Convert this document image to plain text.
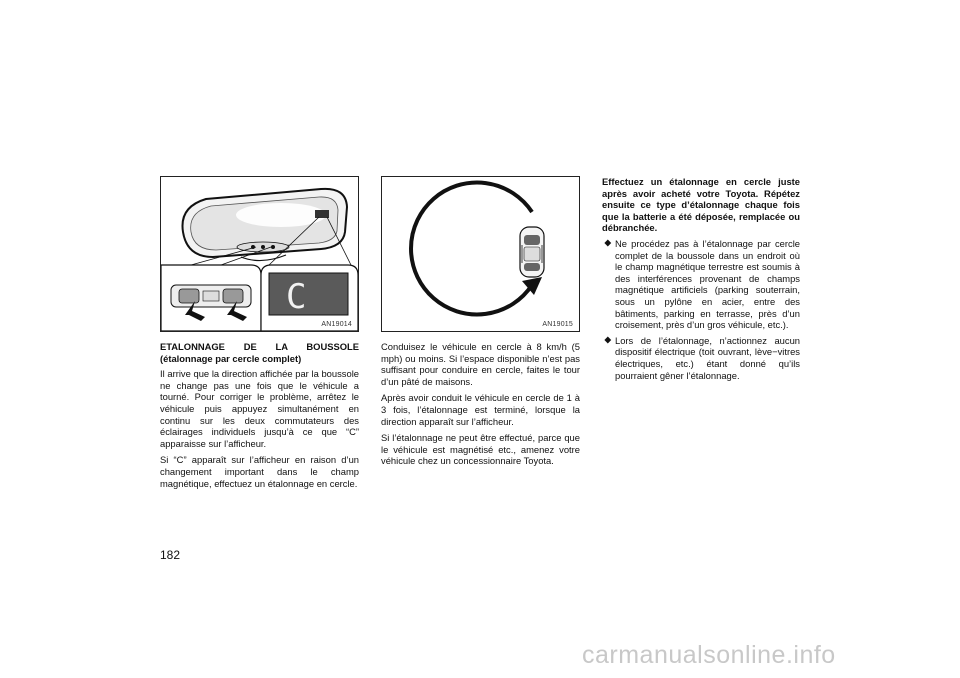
C
AN19014	AN19015
ETALONNAGE DE LA BOUSSOLE
(étalonnage par cercle complet)

Il arrive que la direction affichée par la boussole ne change pas une fois que le véhicule a tourné. Pour corriger le problème, arrêtez le véhicule puis appuyez simultanément en continu sur les deux commutateurs des éclairages individuels jusqu’à ce que “C” apparaisse sur l’afficheur.

Si “C” apparaît sur l’afficheur en raison d’un changement important dans le champ magnétique, effectuez un étalonnage en cercle.

Conduisez le véhicule en cercle à 8 km/h (5 mph) ou moins. Si l’espace disponible n’est pas suffisant pour conduire en cercle, faites le tour d’un pâté de maisons.

Après avoir conduit le véhicule en cercle de 1 à 3 fois, l’étalonnage est terminé, lorsque la direction apparaît sur l’afficheur.

Si l’étalonnage ne peut être effectué, parce que le véhicule est magnétisé etc., amenez votre véhicule chez un concessionnaire Toyota.

Effectuez un étalonnage en cercle juste après avoir acheté votre Toyota. Répétez ensuite ce type d’étalonnage chaque fois que la batterie a été déposée, remplacée ou débranchée.
⯁ Ne procédez pas à l’étalonnage par cercle complet de la boussole dans un endroit où le champ magnétique terrestre est soumis à des interférences provenant de champs magnétique artificiels (parking souterrain, sous un pylône en acier, entre des bâtiments, parking en terrasse, près d’un croisement, près d’un gros véhicule, etc.).
⯁ Lors de l’étalonnage, n’actionnez aucun dispositif électrique (toit ouvrant, lève−vitres électriques, etc.) étant donné qu’ils pourraient gêner l’étalonnage.
182
carmanualsonline.info
